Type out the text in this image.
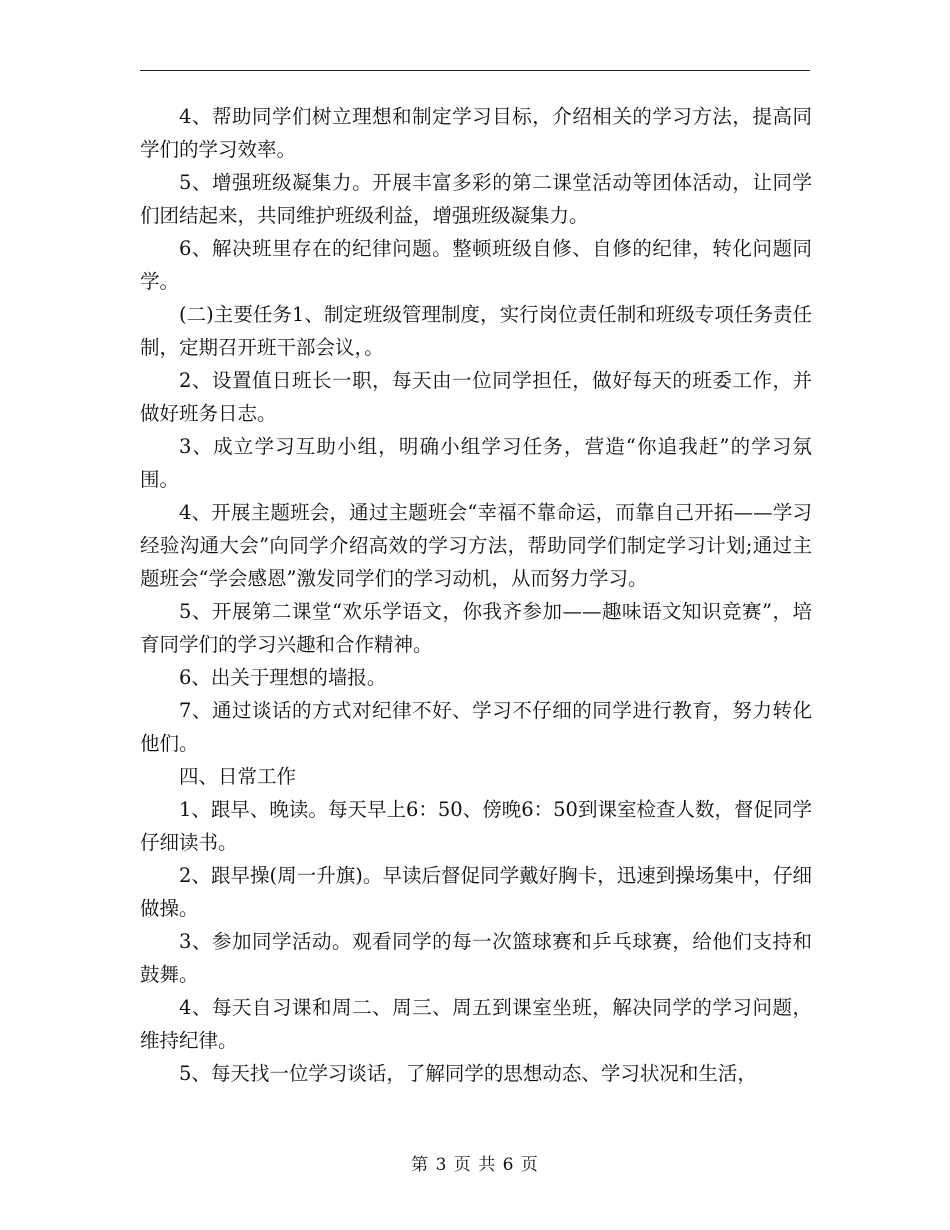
4、帮助同学们树立理想和制定学习目标，介绍相关的学习方法，提高同学们的学习效率。

5、增强班级凝集力。开展丰富多彩的第二课堂活动等团体活动，让同学们团结起来，共同维护班级利益，增强班级凝集力。

6、解决班里存在的纪律问题。整顿班级自修、自修的纪律，转化问题同学。

(二)主要任务1、制定班级管理制度，实行岗位责任制和班级专项任务责任制，定期召开班干部会议，。

2、设置值日班长一职，每天由一位同学担任，做好每天的班委工作，并做好班务日志。

3、成立学习互助小组，明确小组学习任务，营造“你追我赶”的学习氛围。

4、开展主题班会，通过主题班会“幸福不靠命运，而靠自己开拓——学习经验沟通大会”向同学介绍高效的学习方法，帮助同学们制定学习计划;通过主题班会“学会感恩”激发同学们的学习动机，从而努力学习。

5、开展第二课堂“欢乐学语文，你我齐参加——趣味语文知识竞赛”，培育同学们的学习兴趣和合作精神。

6、出关于理想的墙报。

7、通过谈话的方式对纪律不好、学习不仔细的同学进行教育，努力转化他们。

四、日常工作

1、跟早、晚读。每天早上6：50、傍晚6：50到课室检查人数，督促同学仔细读书。

2、跟早操(周一升旗)。早读后督促同学戴好胸卡，迅速到操场集中，仔细做操。

3、参加同学活动。观看同学的每一次篮球赛和乒乓球赛，给他们支持和鼓舞。

4、每天自习课和周二、周三、周五到课室坐班，解决同学的学习问题，维持纪律。

5、每天找一位学习谈话，了解同学的思想动态、学习状况和生活，

第 3 页 共 6 页
